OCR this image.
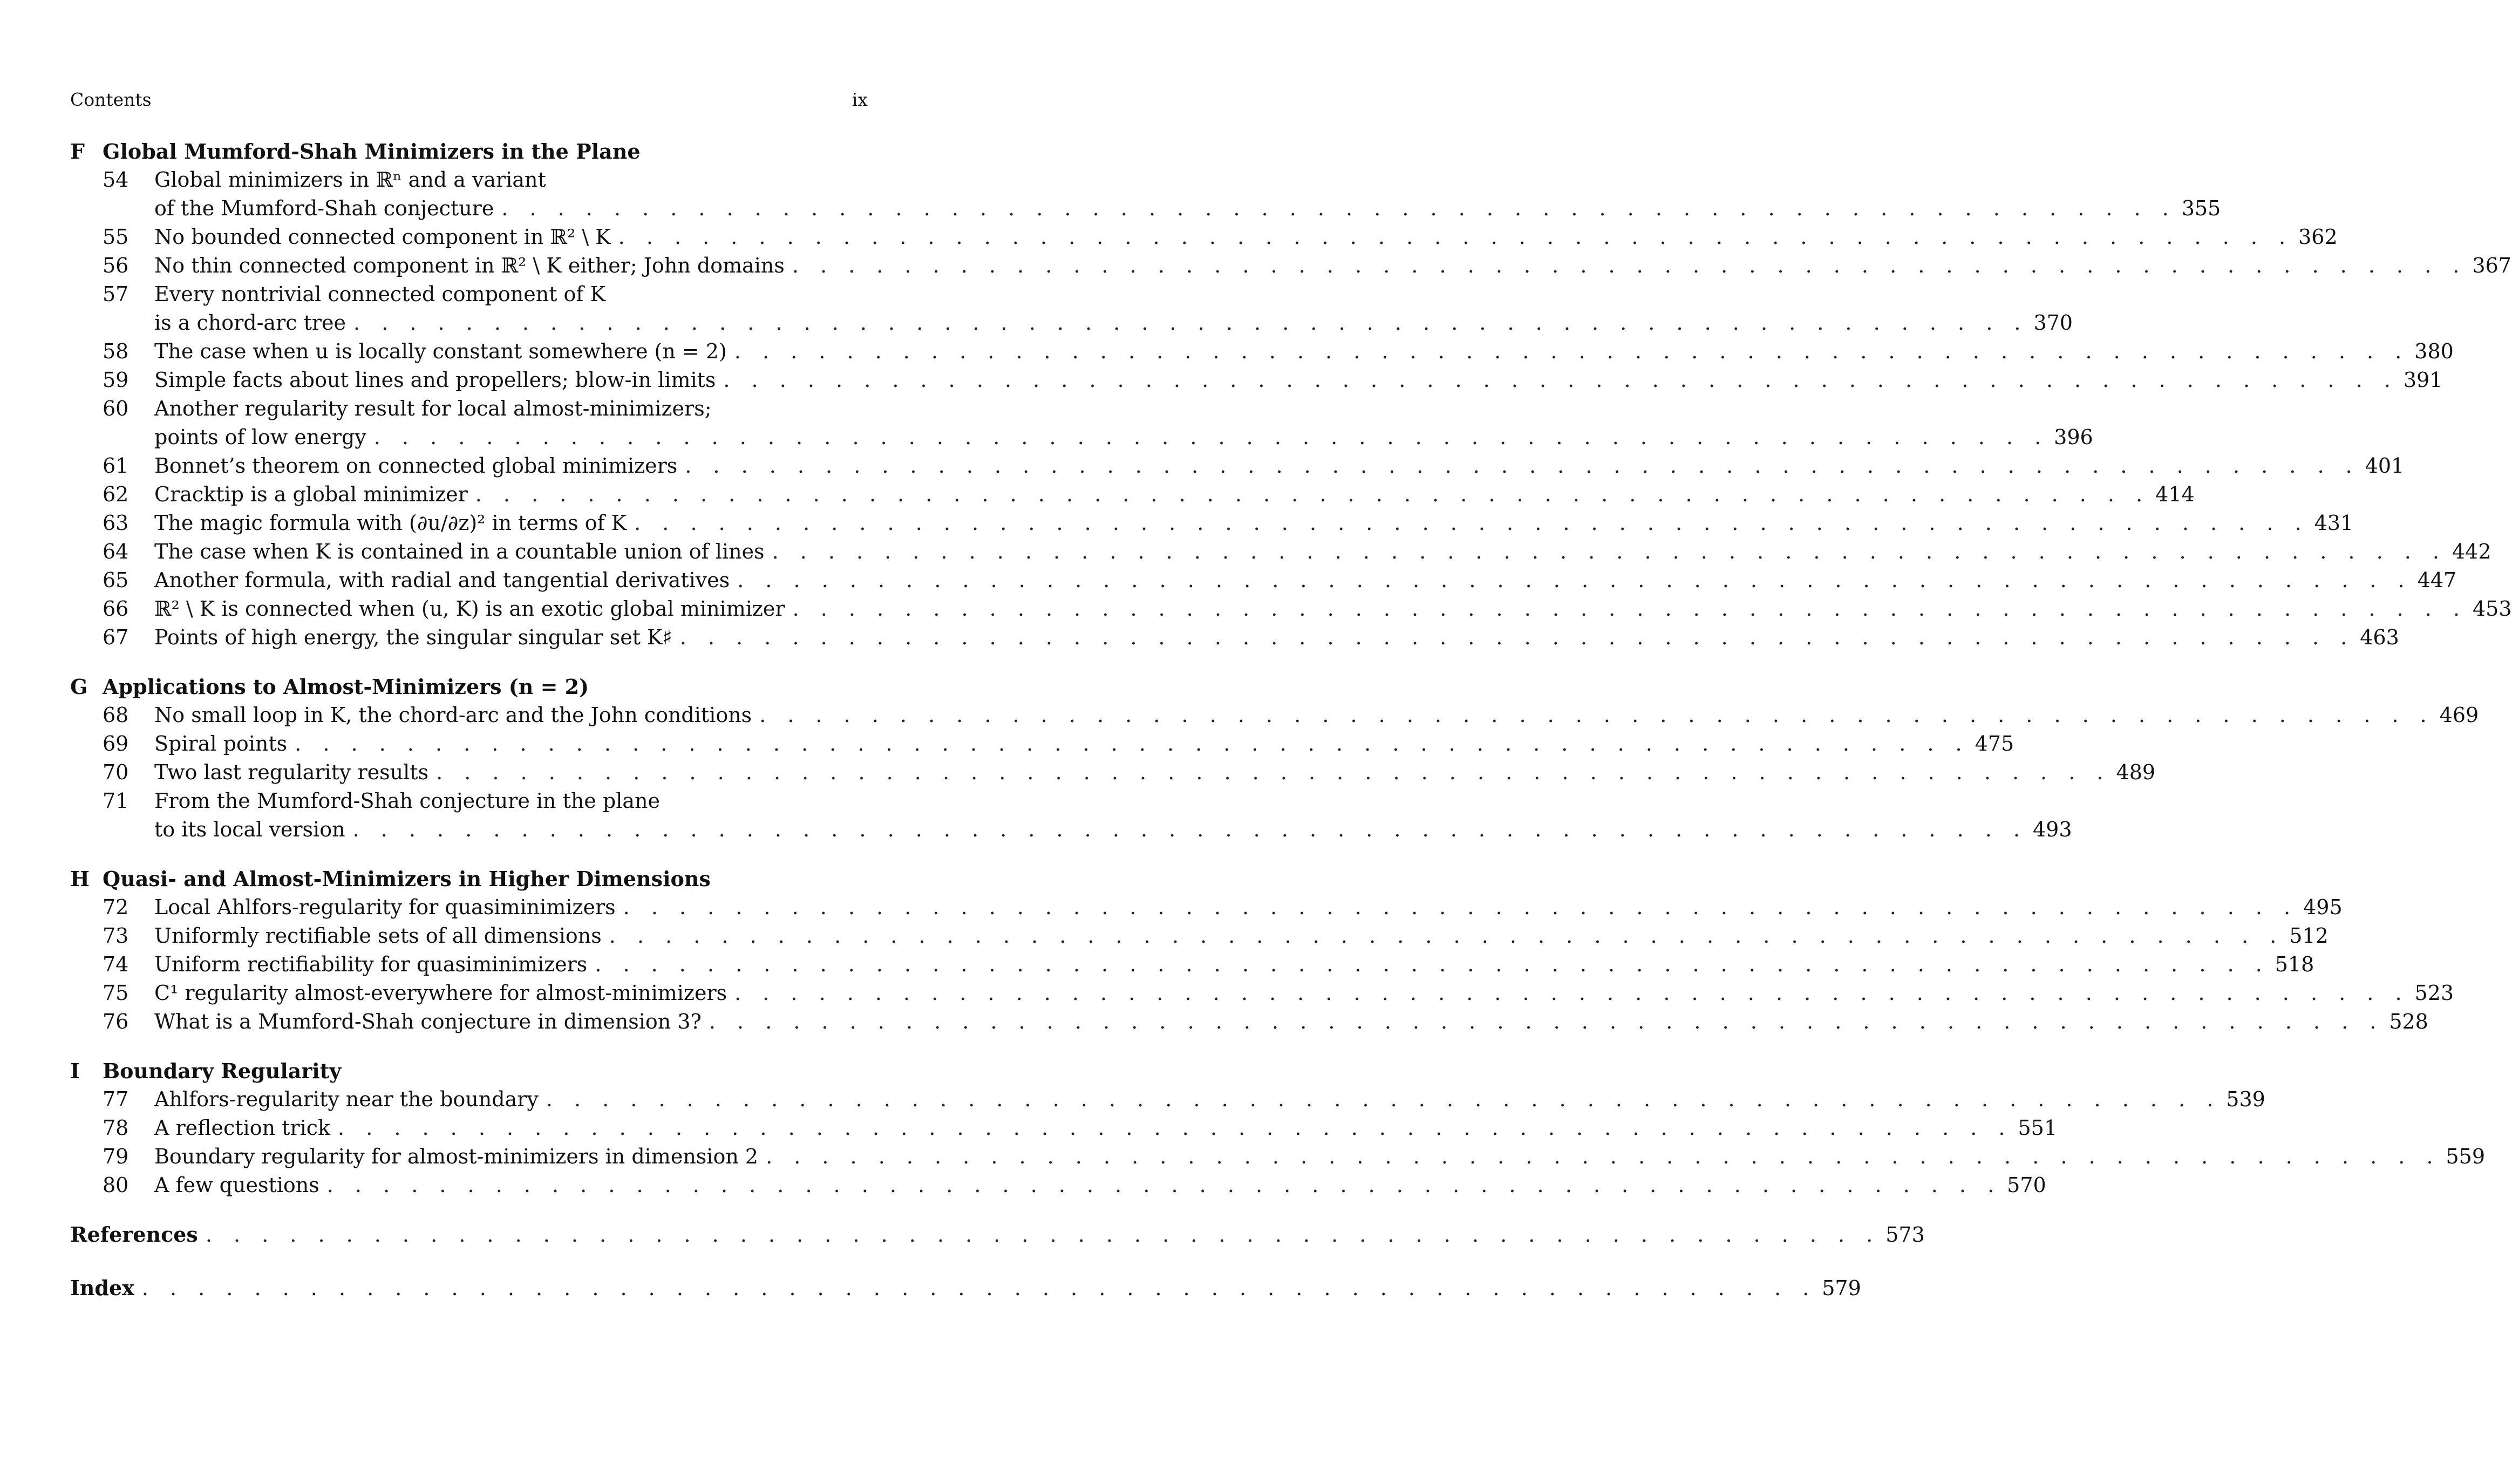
Contents	ix
F Global Mumford-Shah Minimizers in the Plane
54	Global minimizers in ℝⁿ and a variant
of the Mumford-Shah conjecture . . . . . . . . . . . . . . . . . . . . . . . . . . . . . . . . . . . . . . . . . . . . . . . . . . . . . . . . . . . . 355
55	No bounded connected component in ℝ² \ K . . . . . . . . . . . . . . . . . . . . . . . . . . . . . . . . . . . . . . . . . . . . . . . . . . . . . . . . . . . . 362
56	No thin connected component in ℝ² \ K either; John domains . . . . . . . . . . . . . . . . . . . . . . . . . . . . . . . . . . . . . . . . . . . . . . . . . . . . . . . . . . . . 367
57	Every nontrivial connected component of K
is a chord-arc tree . . . . . . . . . . . . . . . . . . . . . . . . . . . . . . . . . . . . . . . . . . . . . . . . . . . . . . . . . . . . 370
58	The case when u is locally constant somewhere (n = 2) . . . . . . . . . . . . . . . . . . . . . . . . . . . . . . . . . . . . . . . . . . . . . . . . . . . . . . . . . . . . 380
59	Simple facts about lines and propellers; blow-in limits . . . . . . . . . . . . . . . . . . . . . . . . . . . . . . . . . . . . . . . . . . . . . . . . . . . . . . . . . . . . 391
60	Another regularity result for local almost-minimizers;
points of low energy . . . . . . . . . . . . . . . . . . . . . . . . . . . . . . . . . . . . . . . . . . . . . . . . . . . . . . . . . . . . 396
61	Bonnet’s theorem on connected global minimizers . . . . . . . . . . . . . . . . . . . . . . . . . . . . . . . . . . . . . . . . . . . . . . . . . . . . . . . . . . . . 401
62	Cracktip is a global minimizer . . . . . . . . . . . . . . . . . . . . . . . . . . . . . . . . . . . . . . . . . . . . . . . . . . . . . . . . . . . . 414
63	The magic formula with (∂u/∂z)² in terms of K . . . . . . . . . . . . . . . . . . . . . . . . . . . . . . . . . . . . . . . . . . . . . . . . . . . . . . . . . . . . 431
64	The case when K is contained in a countable union of lines . . . . . . . . . . . . . . . . . . . . . . . . . . . . . . . . . . . . . . . . . . . . . . . . . . . . . . . . . . . . 442
65	Another formula, with radial and tangential derivatives . . . . . . . . . . . . . . . . . . . . . . . . . . . . . . . . . . . . . . . . . . . . . . . . . . . . . . . . . . . . 447
66	ℝ² \ K is connected when (u, K) is an exotic global minimizer . . . . . . . . . . . . . . . . . . . . . . . . . . . . . . . . . . . . . . . . . . . . . . . . . . . . . . . . . . . . 453
67	Points of high energy, the singular singular set K♯ . . . . . . . . . . . . . . . . . . . . . . . . . . . . . . . . . . . . . . . . . . . . . . . . . . . . . . . . . . . . 463
G Applications to Almost-Minimizers (n = 2)
68	No small loop in K, the chord-arc and the John conditions . . . . . . . . . . . . . . . . . . . . . . . . . . . . . . . . . . . . . . . . . . . . . . . . . . . . . . . . . . . . 469
69	Spiral points . . . . . . . . . . . . . . . . . . . . . . . . . . . . . . . . . . . . . . . . . . . . . . . . . . . . . . . . . . . . 475
70	Two last regularity results . . . . . . . . . . . . . . . . . . . . . . . . . . . . . . . . . . . . . . . . . . . . . . . . . . . . . . . . . . . . 489
71	From the Mumford-Shah conjecture in the plane
to its local version . . . . . . . . . . . . . . . . . . . . . . . . . . . . . . . . . . . . . . . . . . . . . . . . . . . . . . . . . . . . 493
H Quasi- and Almost-Minimizers in Higher Dimensions
72	Local Ahlfors-regularity for quasiminimizers . . . . . . . . . . . . . . . . . . . . . . . . . . . . . . . . . . . . . . . . . . . . . . . . . . . . . . . . . . . . 495
73	Uniformly rectifiable sets of all dimensions . . . . . . . . . . . . . . . . . . . . . . . . . . . . . . . . . . . . . . . . . . . . . . . . . . . . . . . . . . . . 512
74	Uniform rectifiability for quasiminimizers . . . . . . . . . . . . . . . . . . . . . . . . . . . . . . . . . . . . . . . . . . . . . . . . . . . . . . . . . . . . 518
75	C¹ regularity almost-everywhere for almost-minimizers . . . . . . . . . . . . . . . . . . . . . . . . . . . . . . . . . . . . . . . . . . . . . . . . . . . . . . . . . . . . 523
76	What is a Mumford-Shah conjecture in dimension 3? . . . . . . . . . . . . . . . . . . . . . . . . . . . . . . . . . . . . . . . . . . . . . . . . . . . . . . . . . . . . 528
I	Boundary Regularity
77	Ahlfors-regularity near the boundary . . . . . . . . . . . . . . . . . . . . . . . . . . . . . . . . . . . . . . . . . . . . . . . . . . . . . . . . . . . . 539
78	A reflection trick . . . . . . . . . . . . . . . . . . . . . . . . . . . . . . . . . . . . . . . . . . . . . . . . . . . . . . . . . . . . 551
79	Boundary regularity for almost-minimizers in dimension 2 . . . . . . . . . . . . . . . . . . . . . . . . . . . . . . . . . . . . . . . . . . . . . . . . . . . . . . . . . . . . 559
80	A few questions . . . . . . . . . . . . . . . . . . . . . . . . . . . . . . . . . . . . . . . . . . . . . . . . . . . . . . . . . . . . 570
References . . . . . . . . . . . . . . . . . . . . . . . . . . . . . . . . . . . . . . . . . . . . . . . . . . . . . . . . . . . . 573
Index . . . . . . . . . . . . . . . . . . . . . . . . . . . . . . . . . . . . . . . . . . . . . . . . . . . . . . . . . . . . 579
